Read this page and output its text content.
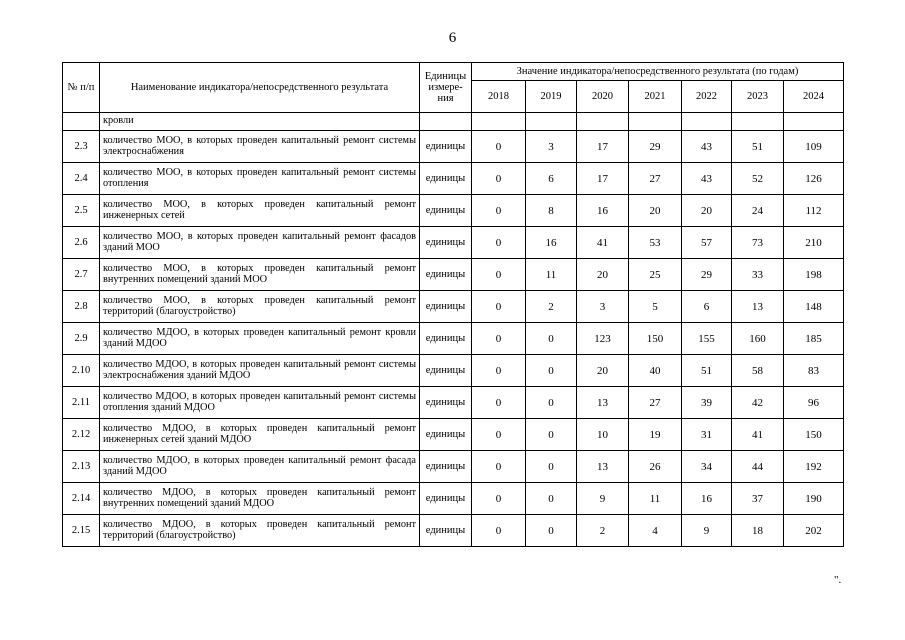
6
№ п/п	Наименование индикатора/непосредственного результата	Единицы измере-ния	Значение индикатора/непосредственного результата (по годам)						
			2018	2019	2020	2021	2022	2023	2024
	кровли								
2.3	количество МОО, в которых проведен капитальный ремонт системы электроснабжения	единицы	0	3	17	29	43	51	109
2.4	количество МОО, в которых проведен капитальный ремонт системы отопления	единицы	0	6	17	27	43	52	126
2.5	количество МОО, в которых проведен капитальный ремонт инженерных сетей	единицы	0	8	16	20	20	24	112
2.6	количество МОО, в которых проведен капитальный ремонт фасадов зданий МОО	единицы	0	16	41	53	57	73	210
2.7	количество МОО, в которых проведен капитальный ремонт внутренних помещений зданий МОО	единицы	0	11	20	25	29	33	198
2.8	количество МОО, в которых проведен капитальный ремонт территорий (благоустройство)	единицы	0	2	3	5	6	13	148
2.9	количество МДОО, в которых проведен капитальный ремонт кровли зданий МДОО	единицы	0	0	123	150	155	160	185
2.10	количество МДОО, в которых проведен капитальный ремонт системы электроснабжения зданий МДОО	единицы	0	0	20	40	51	58	83
2.11	количество МДОО, в которых проведен капитальный ремонт системы отопления зданий МДОО	единицы	0	0	13	27	39	42	96
2.12	количество МДОО, в которых проведен капитальный ремонт инженерных сетей зданий МДОО	единицы	0	0	10	19	31	41	150
2.13	количество МДОО, в которых проведен капитальный ремонт фасада зданий МДОО	единицы	0	0	13	26	34	44	192
2.14	количество МДОО, в которых проведен капитальный ремонт внутренних помещений зданий МДОО	единицы	0	0	9	11	16	37	190
2.15	количество МДОО, в которых проведен капитальный ремонт территорий (благоустройство)	единицы	0	0	2	4	9	18	202
".
